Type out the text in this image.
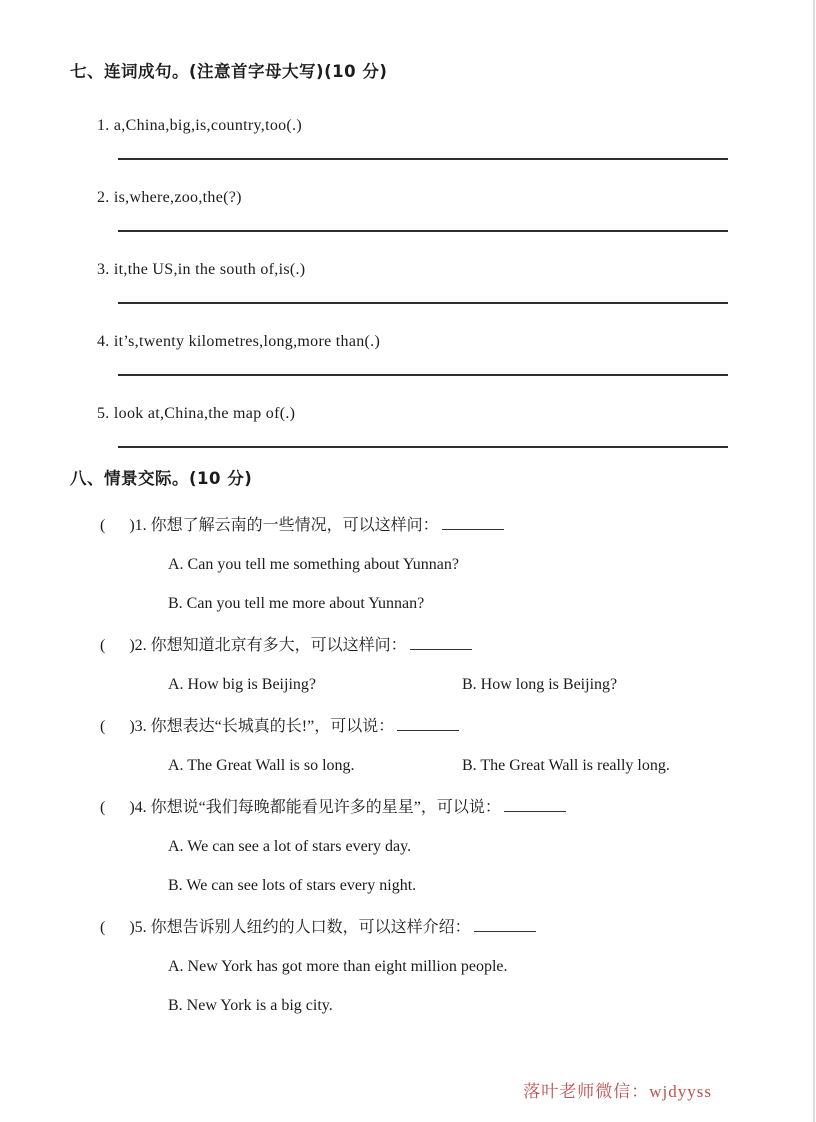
七、连词成句。(注意首字母大写)(10 分)
1. a,China,big,is,country,too(.)
2. is,where,zoo,the(?)
3. it,the US,in the south of,is(.)
4. it’s,twenty kilometres,long,more than(.)
5. look at,China,the map of(.)
八、情景交际。(10 分)
( )1. 你想了解云南的一些情况，可以这样问：
A. Can you tell me something about Yunnan?
B. Can you tell me more about Yunnan?
( )2. 你想知道北京有多大，可以这样问：
A. How big is Beijing?	B. How long is Beijing?
( )3. 你想表达“长城真的长!”，可以说：
A. The Great Wall is so long.	B. The Great Wall is really long.
( )4. 你想说“我们每晚都能看见许多的星星”，可以说：
A. We can see a lot of stars every day.
B. We can see lots of stars every night.
( )5. 你想告诉别人纽约的人口数，可以这样介绍：
A. New York has got more than eight million people.
B. New York is a big city.
落叶老师微信：wjdyyss
